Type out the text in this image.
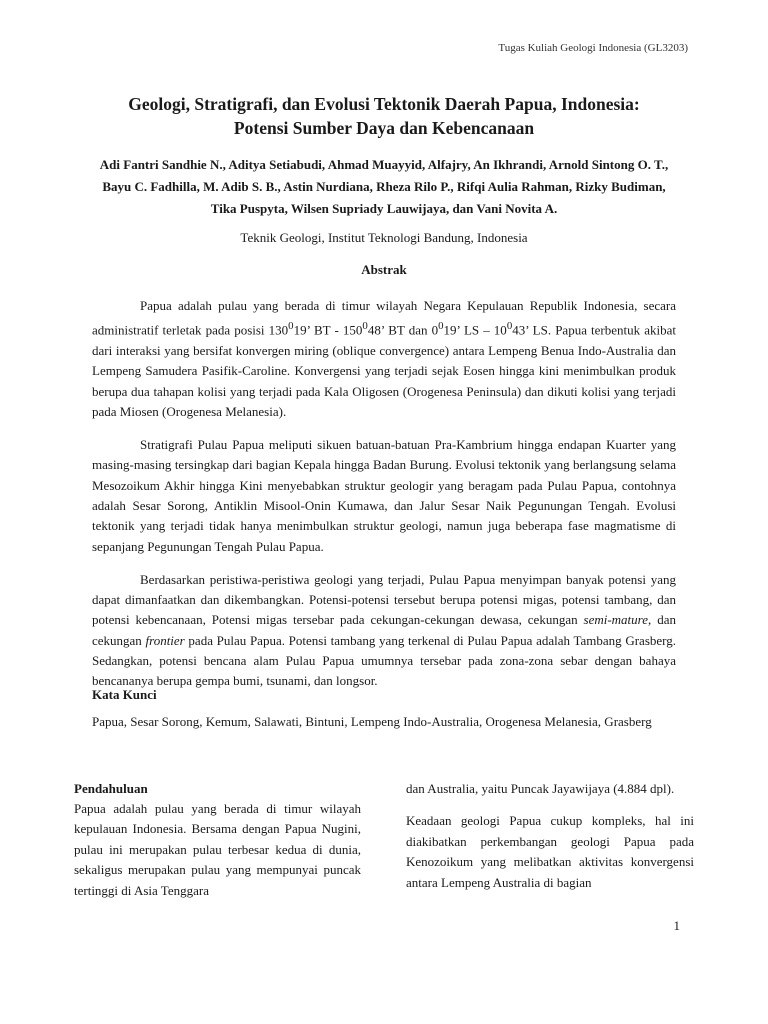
Tugas Kuliah Geologi Indonesia (GL3203)
Geologi, Stratigrafi, dan Evolusi Tektonik Daerah Papua, Indonesia:
Potensi Sumber Daya dan Kebencanaan
Adi Fantri Sandhie N., Aditya Setiabudi, Ahmad Muayyid, Alfajry, An Ikhrandi, Arnold Sintong O. T., Bayu C. Fadhilla, M. Adib S. B., Astin Nurdiana, Rheza Rilo P., Rifqi Aulia Rahman, Rizky Budiman, Tika Puspyta, Wilsen Supriady Lauwijaya, dan Vani Novita A.
Teknik Geologi, Institut Teknologi Bandung, Indonesia
Abstrak

Papua adalah pulau yang berada di timur wilayah Negara Kepulauan Republik Indonesia, secara administratif terletak pada posisi $130^019$’ BT - $150^048$’ BT dan $0^019$’ LS – $10^043$’ LS. Papua terbentuk akibat dari interaksi yang bersifat konvergen miring (oblique convergence) antara Lempeng Benua Indo-Australia dan Lempeng Samudera Pasifik-Caroline. Konvergensi yang terjadi sejak Eosen hingga kini menimbulkan produk berupa dua tahapan kolisi yang terjadi pada Kala Oligosen (Orogenesa Peninsula) dan dikuti kolisi yang terjadi pada Miosen (Orogenesa Melanesia).

Stratigrafi Pulau Papua meliputi sikuen batuan-batuan Pra-Kambrium hingga endapan Kuarter yang masing-masing tersingkap dari bagian Kepala hingga Badan Burung. Evolusi tektonik yang berlangsung selama Mesozoikum Akhir hingga Kini menyebabkan struktur geologir yang beragam pada Pulau Papua, contohnya adalah Sesar Sorong, Antiklin Misool-Onin Kumawa, dan Jalur Sesar Naik Pegunungan Tengah. Evolusi tektonik yang terjadi tidak hanya menimbulkan struktur geologi, namun juga beberapa fase magmatisme di sepanjang Pegunungan Tengah Pulau Papua.

Berdasarkan peristiwa-peristiwa geologi yang terjadi, Pulau Papua menyimpan banyak potensi yang dapat dimanfaatkan dan dikembangkan. Potensi-potensi tersebut berupa potensi migas, potensi tambang, dan potensi kebencanaan, Potensi migas tersebar pada cekungan-cekungan dewasa, cekungan semi-mature, dan cekungan frontier pada Pulau Papua. Potensi tambang yang terkenal di Pulau Papua adalah Tambang Grasberg. Sedangkan, potensi bencana alam Pulau Papua umumnya tersebar pada zona-zona sebar dengan bahaya bencananya berupa gempa bumi, tsunami, dan longsor.

Kata Kunci
Papua, Sesar Sorong, Kemum, Salawati, Bintuni, Lempeng Indo-Australia, Orogenesa Melanesia, Grasberg
Pendahuluan

Papua adalah pulau yang berada di timur wilayah kepulauan Indonesia. Bersama dengan Papua Nugini, pulau ini merupakan pulau terbesar kedua di dunia, sekaligus merupakan pulau yang mempunyai puncak tertinggi di Asia Tenggara

dan Australia, yaitu Puncak Jayawijaya (4.884 dpl).

Keadaan geologi Papua cukup kompleks, hal ini diakibatkan perkembangan geologi Papua pada Kenozoikum yang melibatkan aktivitas konvergensi antara Lempeng Australia di bagian

1
